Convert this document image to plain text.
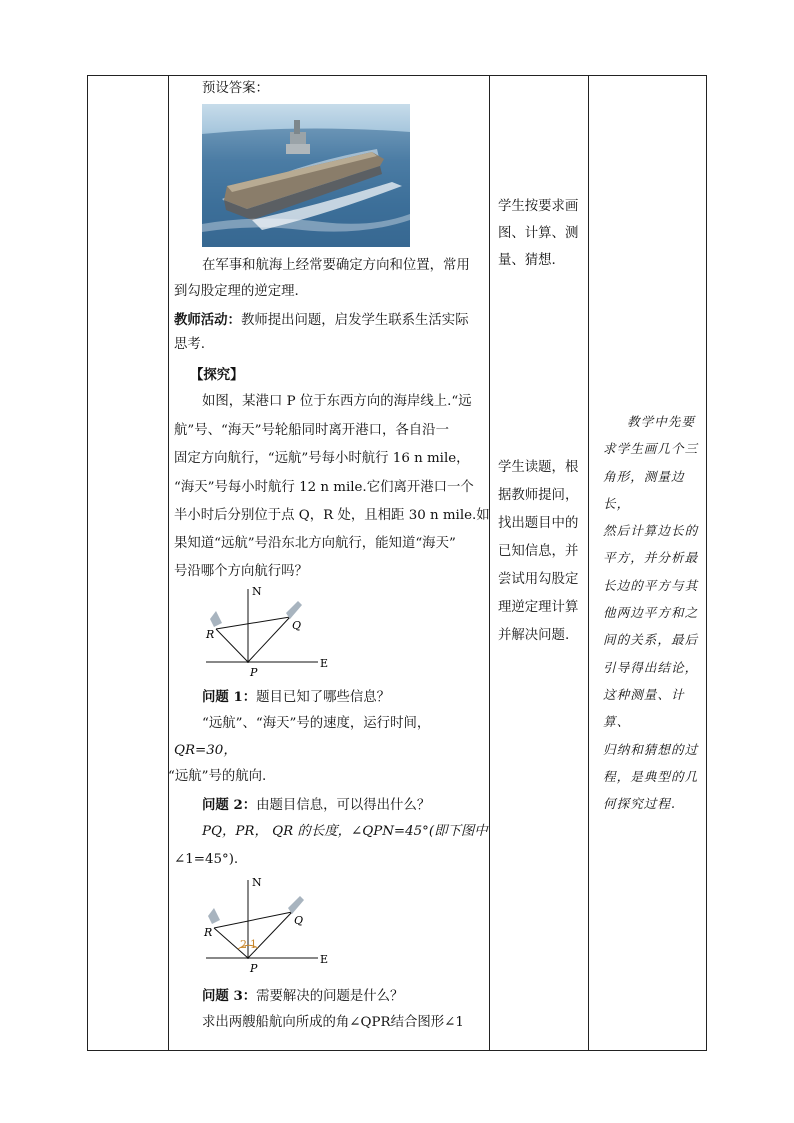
预设答案：
在军事和航海上经常要确定方向和位置，常用
到勾股定理的逆定理.
教师活动：教师提出问题，启发学生联系生活实际
思考.
【探究】
如图，某港口 P 位于东西方向的海岸线上.“远
航”号、“海天”号轮船同时离开港口，各自沿一
固定方向航行，“远航”号每小时航行 16 n mile，
“海天”号每小时航行 12 n mile.它们离开港口一个
半小时后分别位于点 Q，R 处，且相距 30 n mile.如
果知道“远航”号沿东北方向航行，能知道“海天”
号沿哪个方向航行吗？
N
E
P
R
Q
问题 1：题目已知了哪些信息？
“远航”、“海天”号的速度，运行时间，
QR=30，
“远航”号的航向.
问题 2：由题目信息，可以得出什么？
PQ，PR， QR 的长度，∠QPN=45°(即下图中
∠1=45°).
N
E
P
R
Q
2 1
问题 3：需要解决的问题是什么？
求出两艘船航向所成的角∠QPR结合图形∠1
学生按要求画
图、计算、测
量、猜想.
学生读题，根
据教师提问，
找出题目中的
已知信息，并
尝试用勾股定
理逆定理计算
并解决问题.
教学中先要
求学生画几个三
角形，测量边长，
然后计算边长的
平方，并分析最
长边的平方与其
他两边平方和之
间的关系，最后
引导得出结论，
这种测量、计算、
归纳和猜想的过
程，是典型的几
何探究过程.
